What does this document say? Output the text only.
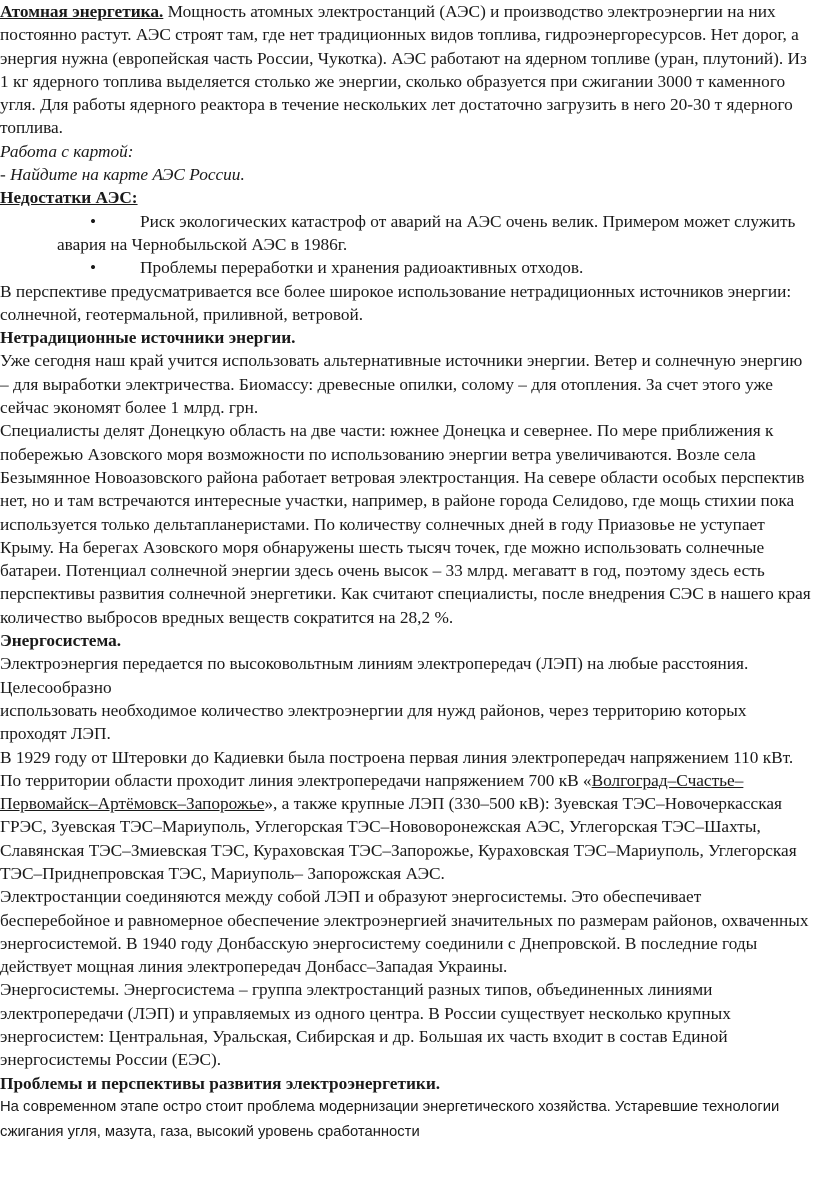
Атомная энергетика. Мощность атомных электростанций (АЭС) и производство электроэнергии на них постоянно растут. АЭС строят там, где нет традиционных видов топлива, гидроэнергоресурсов. Нет дорог, а энергия нужна (европейская часть России, Чукотка). АЭС работают на ядерном топливе (уран, плутоний). Из 1 кг ядерного топлива выделяется столько же энергии, сколько образуется при сжигании 3000 т каменного угля. Для работы ядерного реактора в течение нескольких лет достаточно загрузить в него 20-30 т ядерного топлива.

Работа с картой:

- Найдите на карте АЭС России.

Недостатки АЭС:

•	Риск экологических катастроф от аварий на АЭС очень велик. Примером может служить авария на Чернобыльской АЭС в 1986г.

•	Проблемы переработки и хранения радиоактивных отходов.

В перспективе предусматривается все более широкое использование нетрадиционных источников энергии: солнечной, геотермальной, приливной, ветровой.

Нетрадиционные источники энергии.

Уже сегодня наш край учится использовать альтернативные источники энергии. Ветер и солнечную энергию – для выработки электричества. Биомассу: древесные опилки, солому – для отопления. За счет этого уже сейчас экономят более 1 млрд. грн.

Специалисты делят Донецкую область на две части: южнее Донецка и севернее. По мере приближения к побережью Азовского моря возможности по использованию энергии ветра увеличиваются. Возле села Безымянное Новоазовского района работает ветровая электростанция. На севере области особых перспектив нет, но и там встречаются интересные участки, например, в районе города Селидово, где мощь стихии пока используется только дельтапланеристами. По количеству солнечных дней в году Приазовье не уступает Крыму. На берегах Азовского моря обнаружены шесть тысяч точек, где можно использовать солнечные батареи. Потенциал солнечной энергии здесь очень высок – 33 млрд. мегаватт в год, поэтому здесь есть перспективы развития солнечной энергетики. Как считают специалисты, после внедрения СЭС в нашего края количество выбросов вредных веществ сократится на 28,2 %.

Энергосистема.

Электроэнергия передается по высоковольтным линиям электропередач (ЛЭП) на любые расстояния. Целесообразно

использовать необходимое количество электроэнергии для нужд районов, через территорию которых проходят ЛЭП.

В 1929 году от Штеровки до Кадиевки была построена первая линия электропередач напряжением 110 кВт. По территории области проходит линия электропередачи напряжением 700 кВ «Волгоград–Счастье– Первомайск–Артёмовск–Запорожье», а также крупные ЛЭП (330–500 кВ): Зуевская ТЭС–Новочеркасская ГРЭС, Зуевская ТЭС–Мариуполь, Углегорская ТЭС–Нововоронежская АЭС, Углегорская ТЭС–Шахты, Славянская ТЭС–Змиевская ТЭС, Кураховская ТЭС–Запорожье, Кураховская ТЭС–Мариуполь, Углегорская ТЭС–Приднепровская ТЭС, Мариуполь– Запорожская АЭС.

Электростанции соединяются между собой ЛЭП и образуют энергосистемы. Это обеспечивает бесперебойное и равномерное обеспечение электроэнергией значительных по размерам районов, охваченных энергосистемой. В 1940 году Донбасскую энергосистему соединили с Днепровской. В последние годы действует мощная линия электропередач Донбасс–Западая Украины.

Энергосистемы. Энергосистема – группа электростанций разных типов, объединенных линиями электропередачи (ЛЭП) и управляемых из одного центра. В России существует несколько крупных энергосистем: Центральная, Уральская, Сибирская и др. Большая их часть входит в состав Единой энергосистемы России (ЕЭС).

Проблемы и перспективы развития электроэнергетики.

На современном этапе остро стоит проблема модернизации энергетического хозяйства. Устаревшие технологии сжигания угля, мазута, газа, высокий уровень сработанности
